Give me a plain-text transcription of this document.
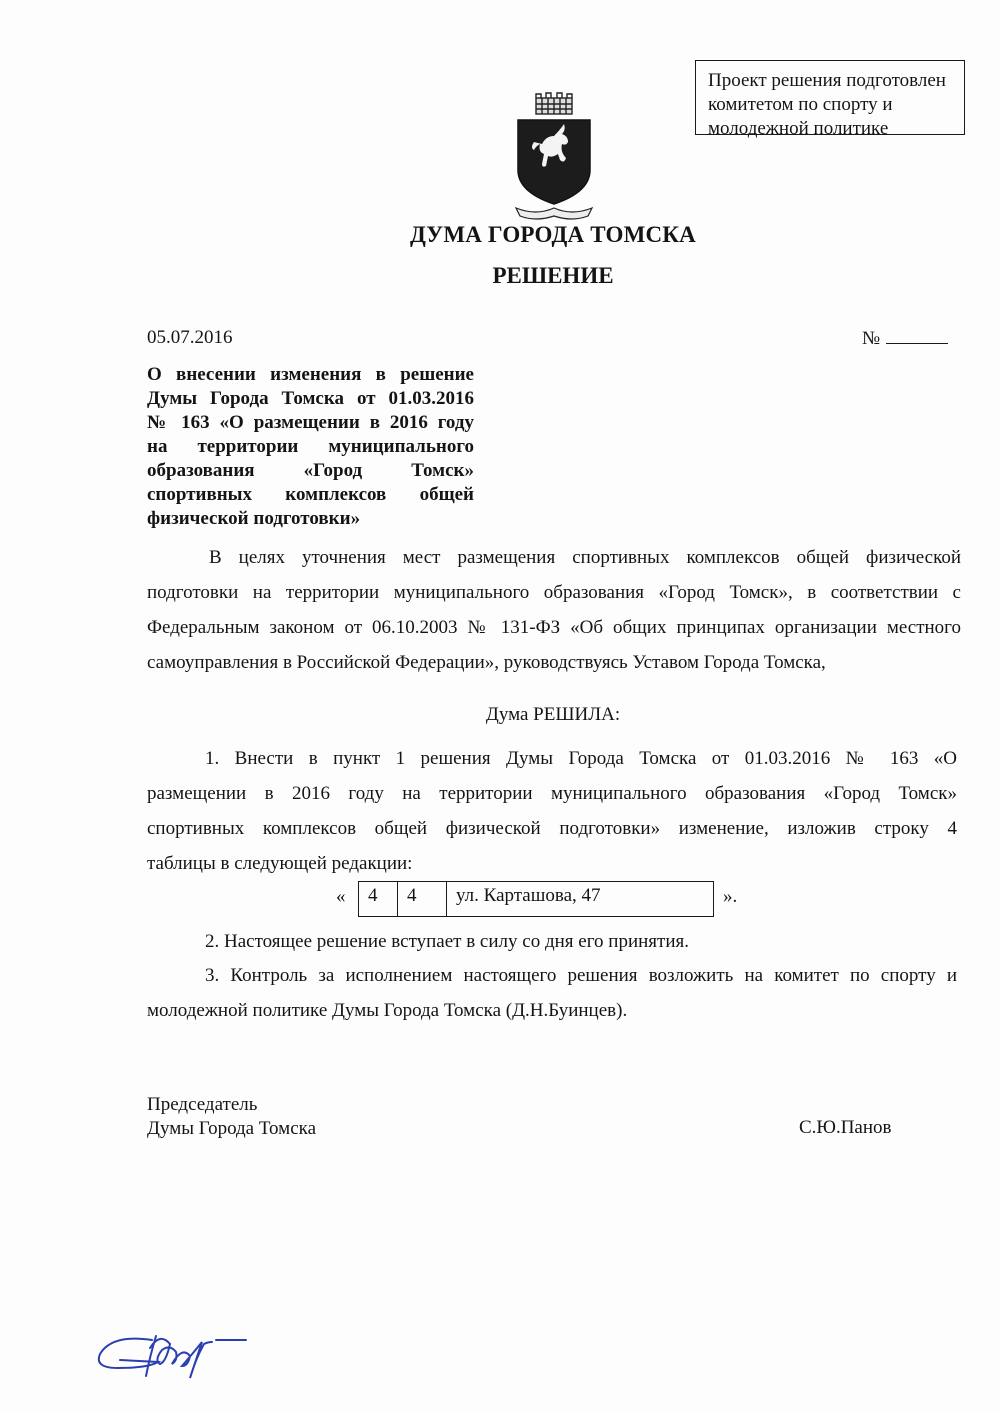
Проект решения подготовлен
комитетом по спорту и
молодежной политике
ДУМА ГОРОДА ТОМСКА
РЕШЕНИЕ
05.07.2016	№
О внесении изменения в решение
Думы Города Томска от 01.03.2016
№ 163 «О размещении в 2016 году
на территории муниципального
образования «Город Томск»
спортивных комплексов общей
физической подготовки»
В целях уточнения мест размещения спортивных комплексов общей физической
подготовки на территории муниципального образования «Город Томск», в соответствии с
Федеральным законом от 06.10.2003 № 131-ФЗ «Об общих принципах организации местного
самоуправления в Российской Федерации», руководствуясь Уставом Города Томска,
Дума РЕШИЛА:
1. Внести в пункт 1 решения Думы Города Томска от 01.03.2016 № 163 «О
размещении в 2016 году на территории муниципального образования «Город Томск»
спортивных комплексов общей физической подготовки» изменение, изложив строку 4
таблицы в следующей редакции:
«	4	4	ул. Карташова, 47	».
2. Настоящее решение вступает в силу со дня его принятия.
3. Контроль за исполнением настоящего решения возложить на комитет по спорту и
молодежной политике Думы Города Томска (Д.Н.Буинцев).
Председатель
Думы Города Томска	С.Ю.Панов
